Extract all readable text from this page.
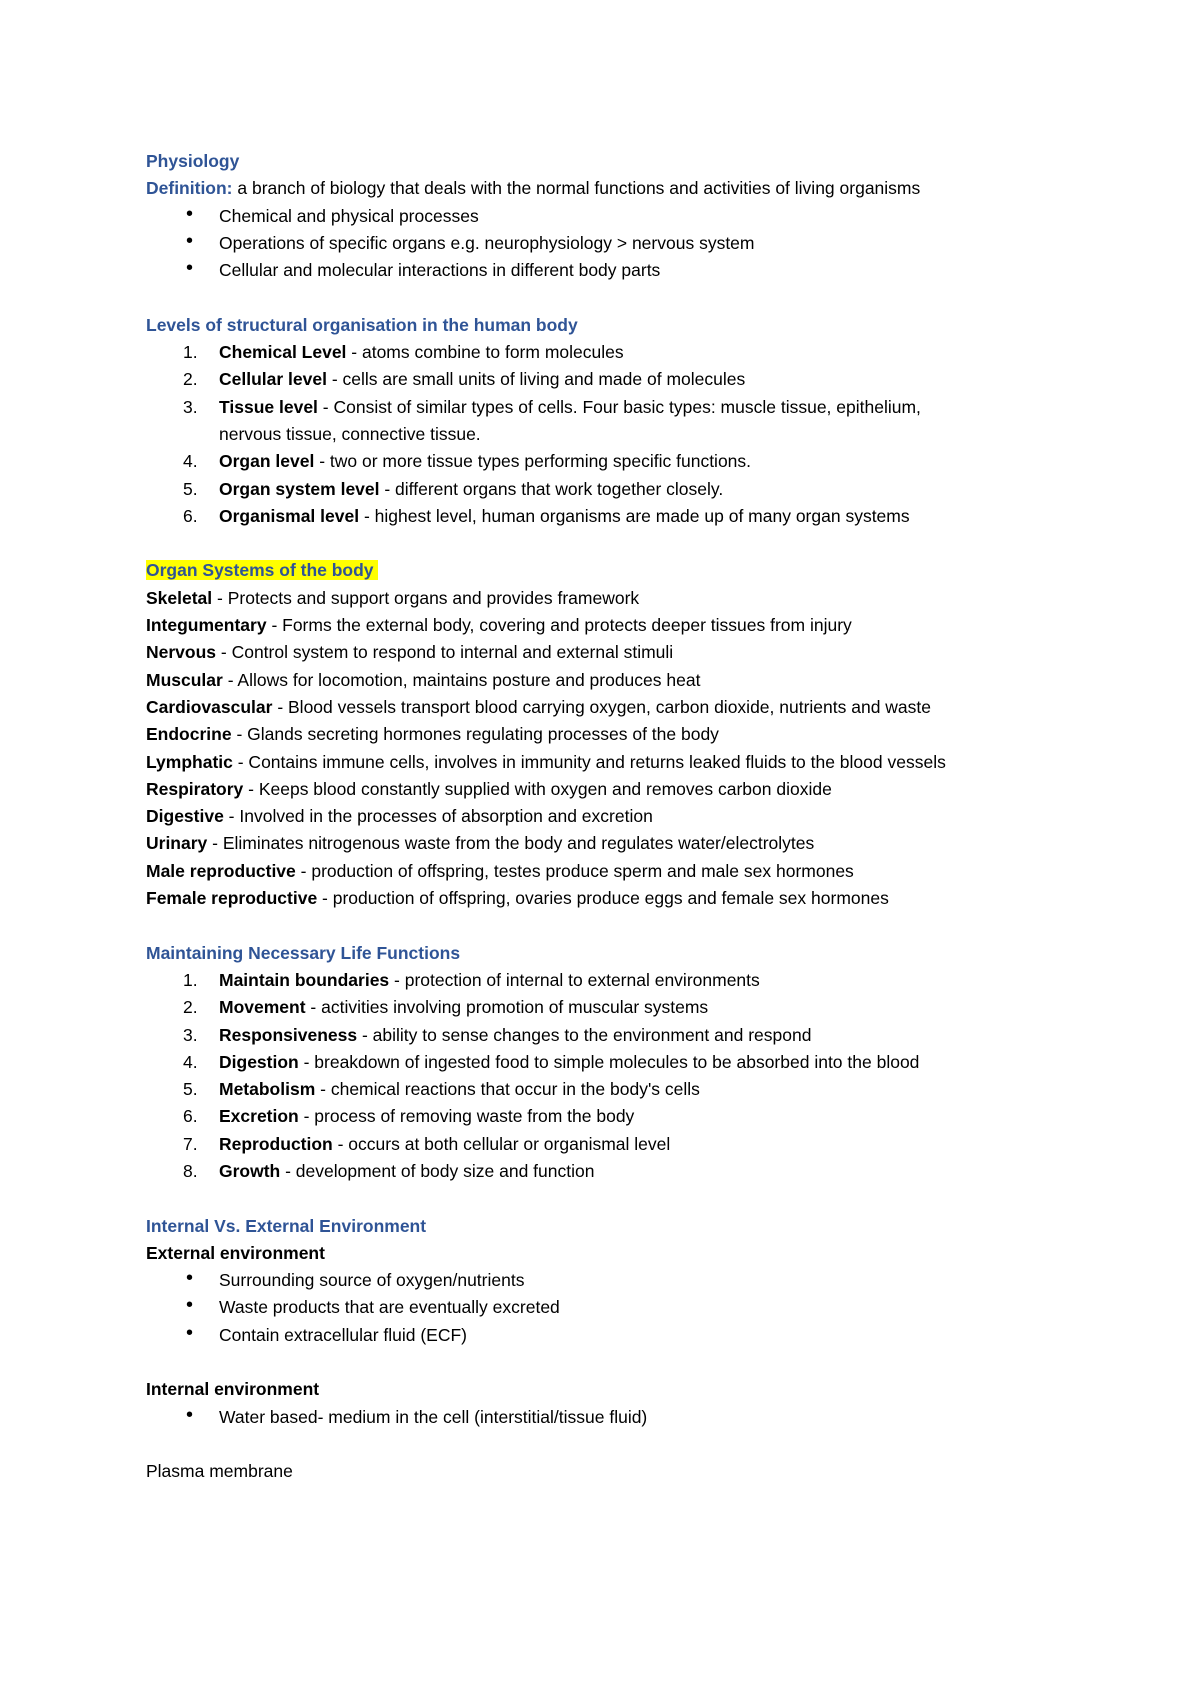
Physiology
Definition: a branch of biology that deals with the normal functions and activities of living organisms
• Chemical and physical processes
• Operations of specific organs e.g. neurophysiology > nervous system
• Cellular and molecular interactions in different body parts
Levels of structural organisation in the human body
1. Chemical Level - atoms combine to form molecules
2. Cellular level - cells are small units of living and made of molecules
3. Tissue level - Consist of similar types of cells. Four basic types: muscle tissue, epithelium, nervous tissue, connective tissue.
4. Organ level - two or more tissue types performing specific functions.
5. Organ system level - different organs that work together closely.
6. Organismal level - highest level, human organisms are made up of many organ systems
Organ Systems of the body
Skeletal - Protects and support organs and provides framework
Integumentary - Forms the external body, covering and protects deeper tissues from injury
Nervous - Control system to respond to internal and external stimuli
Muscular - Allows for locomotion, maintains posture and produces heat
Cardiovascular - Blood vessels transport blood carrying oxygen, carbon dioxide, nutrients and waste
Endocrine - Glands secreting hormones regulating processes of the body
Lymphatic - Contains immune cells, involves in immunity and returns leaked fluids to the blood vessels
Respiratory - Keeps blood constantly supplied with oxygen and removes carbon dioxide
Digestive - Involved in the processes of absorption and excretion
Urinary - Eliminates nitrogenous waste from the body and regulates water/electrolytes
Male reproductive - production of offspring, testes produce sperm and male sex hormones
Female reproductive - production of offspring, ovaries produce eggs and female sex hormones
Maintaining Necessary Life Functions
1. Maintain boundaries - protection of internal to external environments
2. Movement - activities involving promotion of muscular systems
3. Responsiveness - ability to sense changes to the environment and respond
4. Digestion - breakdown of ingested food to simple molecules to be absorbed into the blood
5. Metabolism - chemical reactions that occur in the body's cells
6. Excretion - process of removing waste from the body
7. Reproduction - occurs at both cellular or organismal level
8. Growth - development of body size and function
Internal Vs. External Environment
External environment
• Surrounding source of oxygen/nutrients
• Waste products that are eventually excreted
• Contain extracellular fluid (ECF)
Internal environment
• Water based- medium in the cell (interstitial/tissue fluid)
Plasma membrane
